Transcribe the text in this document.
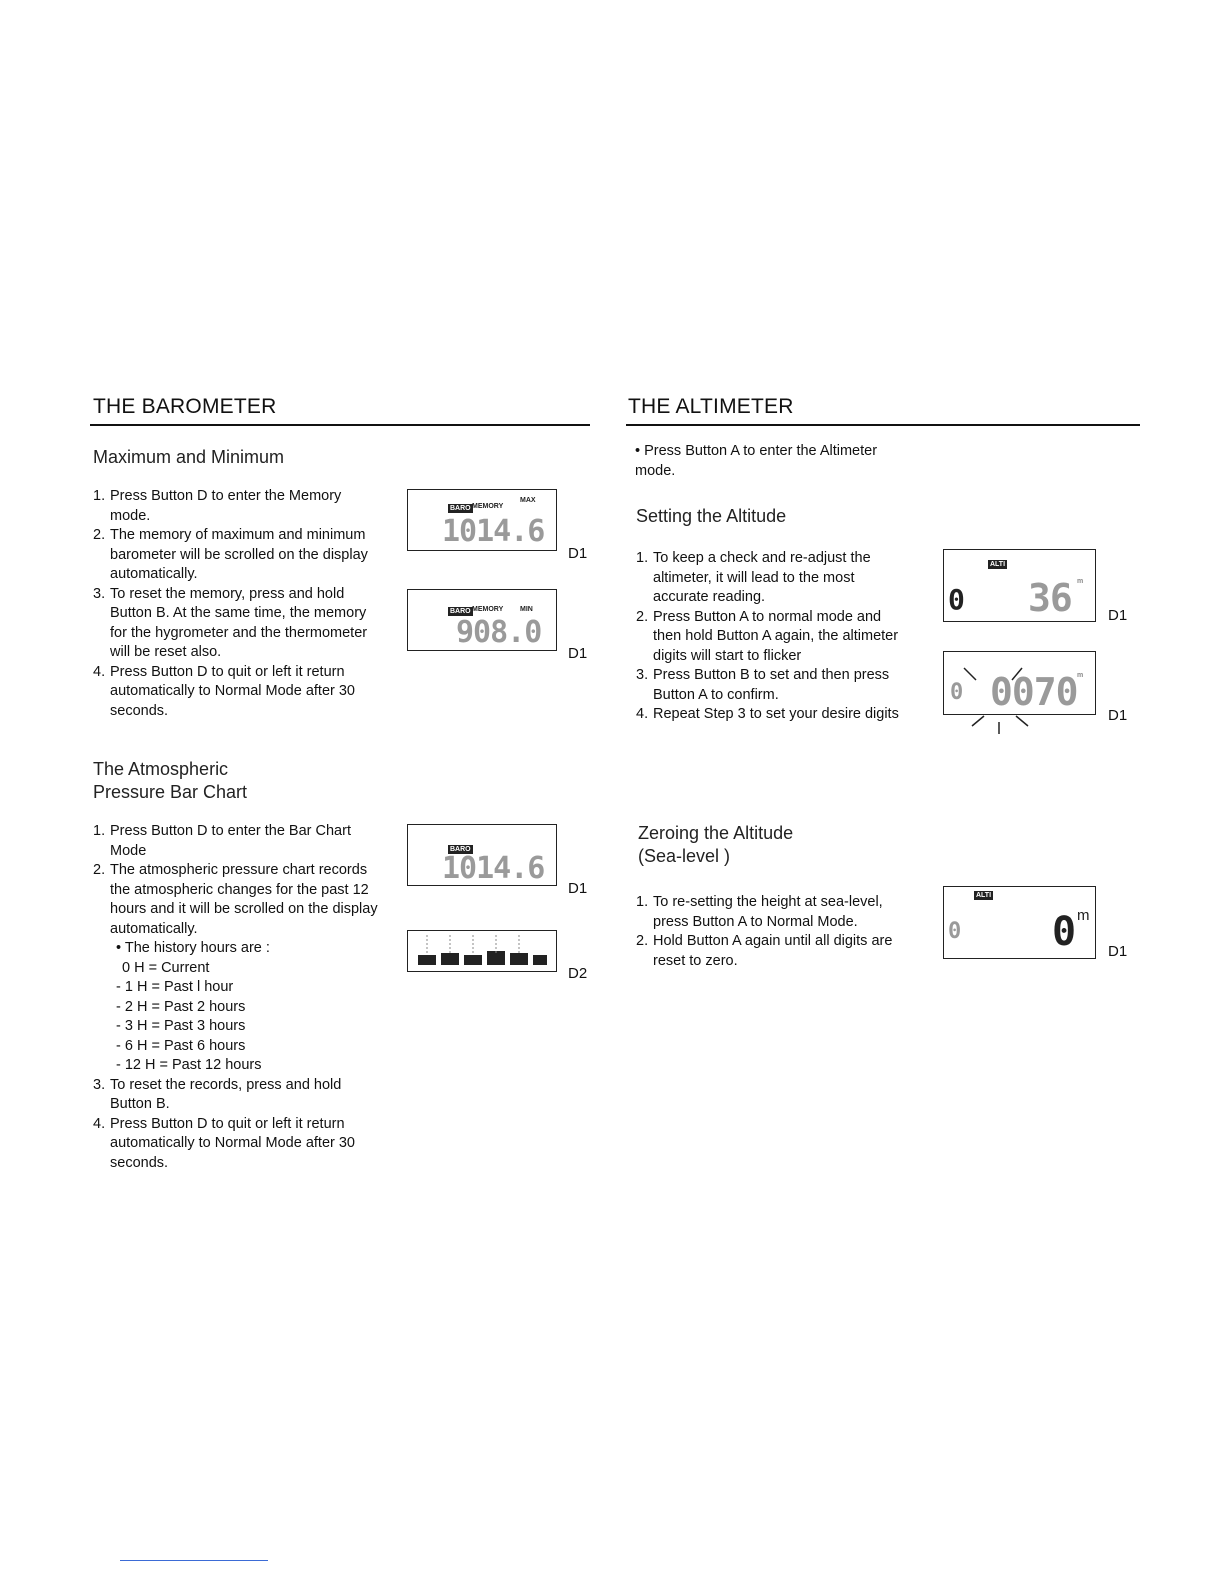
THE BAROMETER
Maximum and Minimum
1. Press Button D to enter the Memory mode.
2. The memory of maximum and minimum barometer will be scrolled on the display automatically.
3. To reset the memory, press and hold Button B. At the same time, the memory for the hygrometer and the thermometer will be reset also.
4. Press Button D to quit or left it return automatically to Normal Mode after 30 seconds.
BARO MEMORY
MAX
1014.6
D1
BARO MEMORY MIN
908.0
D1
The Atmospheric
Pressure Bar Chart
1. Press Button D to enter the Bar Chart Mode
2. The atmospheric pressure chart records the atmospheric changes for the past 12 hours and it will be scrolled on the display automatically.
• The history hours are :
0 H = Current
- 1 H = Past l hour
- 2 H = Past 2 hours
- 3 H = Past 3 hours
- 6 H = Past 6 hours
- 12 H = Past 12 hours
3. To reset the records, press and hold Button B.
4. Press Button D to quit or left it return automatically to Normal Mode after 30 seconds.
BARO
1014.6
D1
D2
THE ALTIMETER
• Press Button A to enter the Altimeter mode.
Setting the Altitude
1. To keep a check and re-adjust the altimeter, it will lead to the most accurate reading.
2. Press Button A to normal mode and then hold Button A again, the altimeter digits will start to flicker
3. Press Button B to set and then press Button A to confirm.
4. Repeat Step 3 to set your desire digits
ALTI
0 36 m
D1
0 0070 m
D1
Zeroing the Altitude
(Sea-level )
1. To re-setting the height at sea-level, press Button A to Normal Mode.
2. Hold Button A again until all digits are reset to zero.
ALTI
0 0 m
D1
